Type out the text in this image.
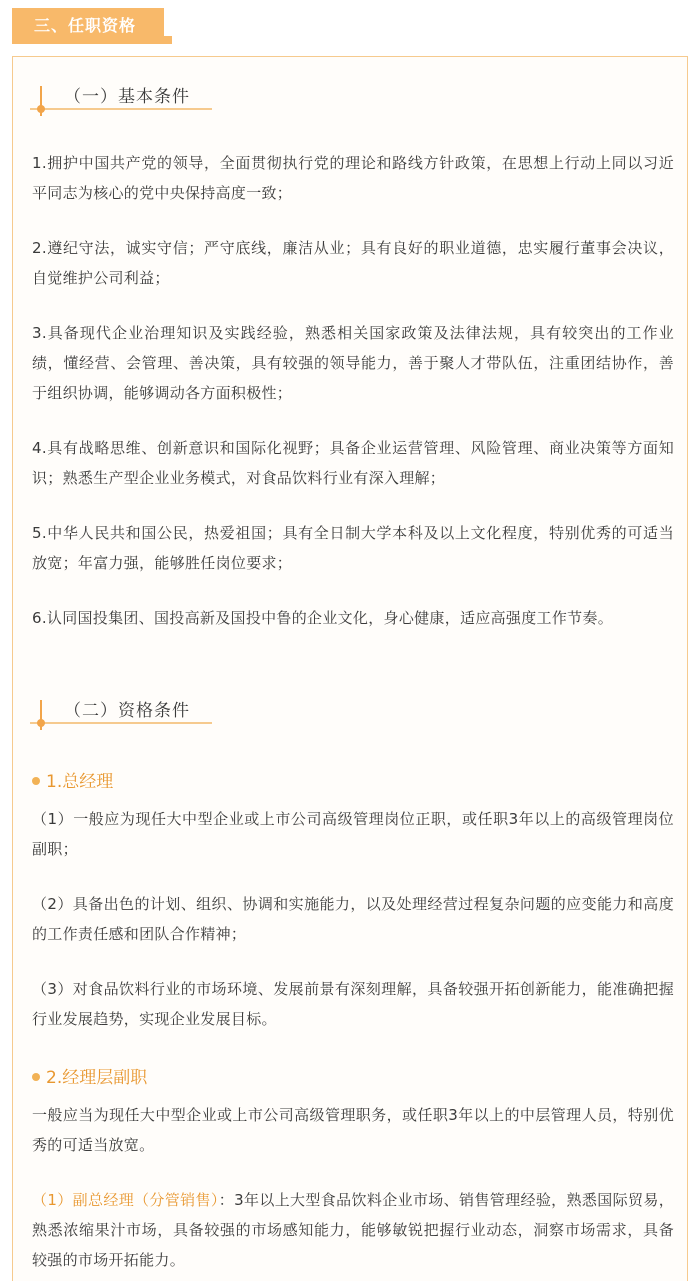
三、任职资格
（一）基本条件
1.拥护中国共产党的领导，全面贯彻执行党的理论和路线方针政策，在思想上行动上同以习近平同志为核心的党中央保持高度一致；
2.遵纪守法，诚实守信；严守底线，廉洁从业；具有良好的职业道德，忠实履行董事会决议，自觉维护公司利益；
3.具备现代企业治理知识及实践经验，熟悉相关国家政策及法律法规，具有较突出的工作业绩，懂经营、会管理、善决策，具有较强的领导能力，善于聚人才带队伍，注重团结协作，善于组织协调，能够调动各方面积极性；
4.具有战略思维、创新意识和国际化视野；具备企业运营管理、风险管理、商业决策等方面知识；熟悉生产型企业业务模式，对食品饮料行业有深入理解；
5.中华人民共和国公民，热爱祖国；具有全日制大学本科及以上文化程度，特别优秀的可适当放宽；年富力强，能够胜任岗位要求；
6.认同国投集团、国投高新及国投中鲁的企业文化，身心健康，适应高强度工作节奏。
（二）资格条件
1.总经理
（1）一般应为现任大中型企业或上市公司高级管理岗位正职，或任职3年以上的高级管理岗位副职；
（2）具备出色的计划、组织、协调和实施能力，以及处理经营过程复杂问题的应变能力和高度的工作责任感和团队合作精神；
（3）对食品饮料行业的市场环境、发展前景有深刻理解，具备较强开拓创新能力，能准确把握行业发展趋势，实现企业发展目标。
2.经理层副职
一般应当为现任大中型企业或上市公司高级管理职务，或任职3年以上的中层管理人员，特别优秀的可适当放宽。
（1）副总经理（分管销售）：3年以上大型食品饮料企业市场、销售管理经验，熟悉国际贸易，熟悉浓缩果汁市场，具备较强的市场感知能力，能够敏锐把握行业动态，洞察市场需求，具备较强的市场开拓能力。
